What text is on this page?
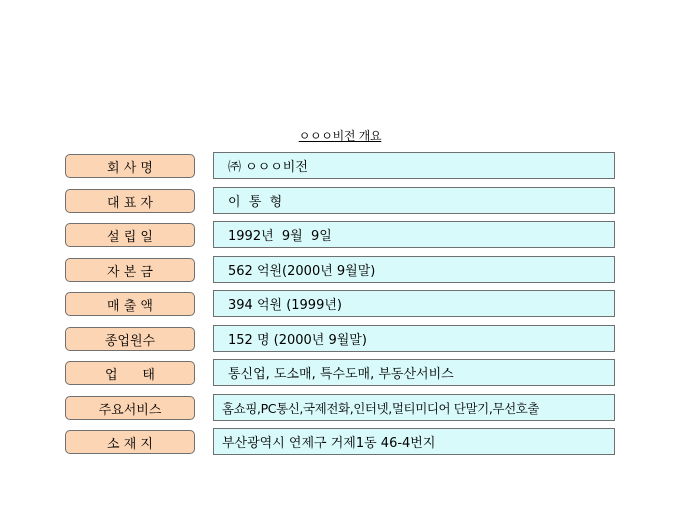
ㅇㅇㅇ비전 개요
회 사 명	㈜ ㅇㅇㅇ비전
대 표 자	이  통  형
설 립 일	1992년  9월  9일
자 본 금	562 억원(2000년 9월말)
매 출 액	394 억원 (1999년)
종업원수	152 명 (2000년 9월말)
업      태	통신업, 도소매, 특수도매, 부동산서비스
주요서비스	홈쇼핑,PC통신,국제전화,인터넷,멀티미디어 단말기,무선호출
소 재 지	부산광역시 연제구 거제1동 46-4번지
